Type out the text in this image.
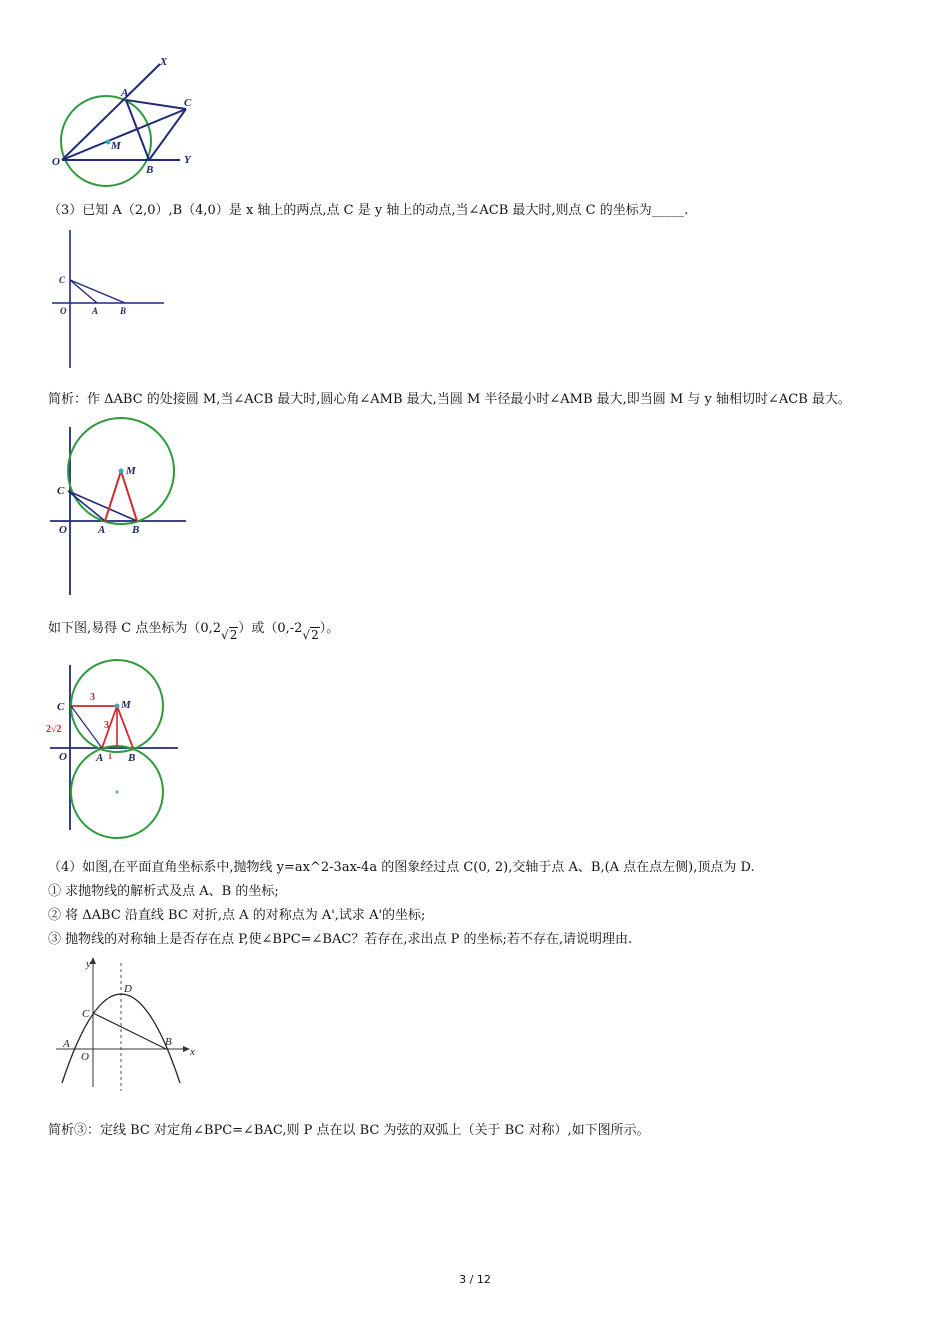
X
A
C
M
O
B
Y
（3）已知 A（2,0）,B（4,0）是 x 轴上的两点,点 C 是 y 轴上的动点,当∠ACB 最大时,则点 C 的坐标为_____.
C
O	A B
简析：作 ΔABC 的处接圆 M,当∠ACB 最大时,圆心角∠AMB 最大,当圆 M 半径最小时∠AMB 最大,即当圆 M 与 y 轴相切时∠ACB 最大。
M
C
O	A B
如下图,易得 C 点坐标为（0,2√2）或（0,-2√2）。
3
3
1
M
C
2√2
O	A B
（4）如图,在平面直角坐标系中,抛物线 y=ax^2-3ax-4a 的图象经过点 C(0, 2),交轴于点 A、B,(A 点在点左侧),顶点为 D.
① 求抛物线的解析式及点 A、B 的坐标;
② 将 ΔABC 沿直线 BC 对折,点 A 的对称点为 A',试求 A'的坐标;
③ 抛物线的对称轴上是否存在点 P,使∠BPC=∠BAC？若存在,求出点 P 的坐标;若不存在,请说明理由.
y
D
C
A
O
B
x
简析③：定线 BC 对定角∠BPC=∠BAC,则 P 点在以 BC 为弦的双弧上（关于 BC 对称）,如下图所示。
3 / 12
